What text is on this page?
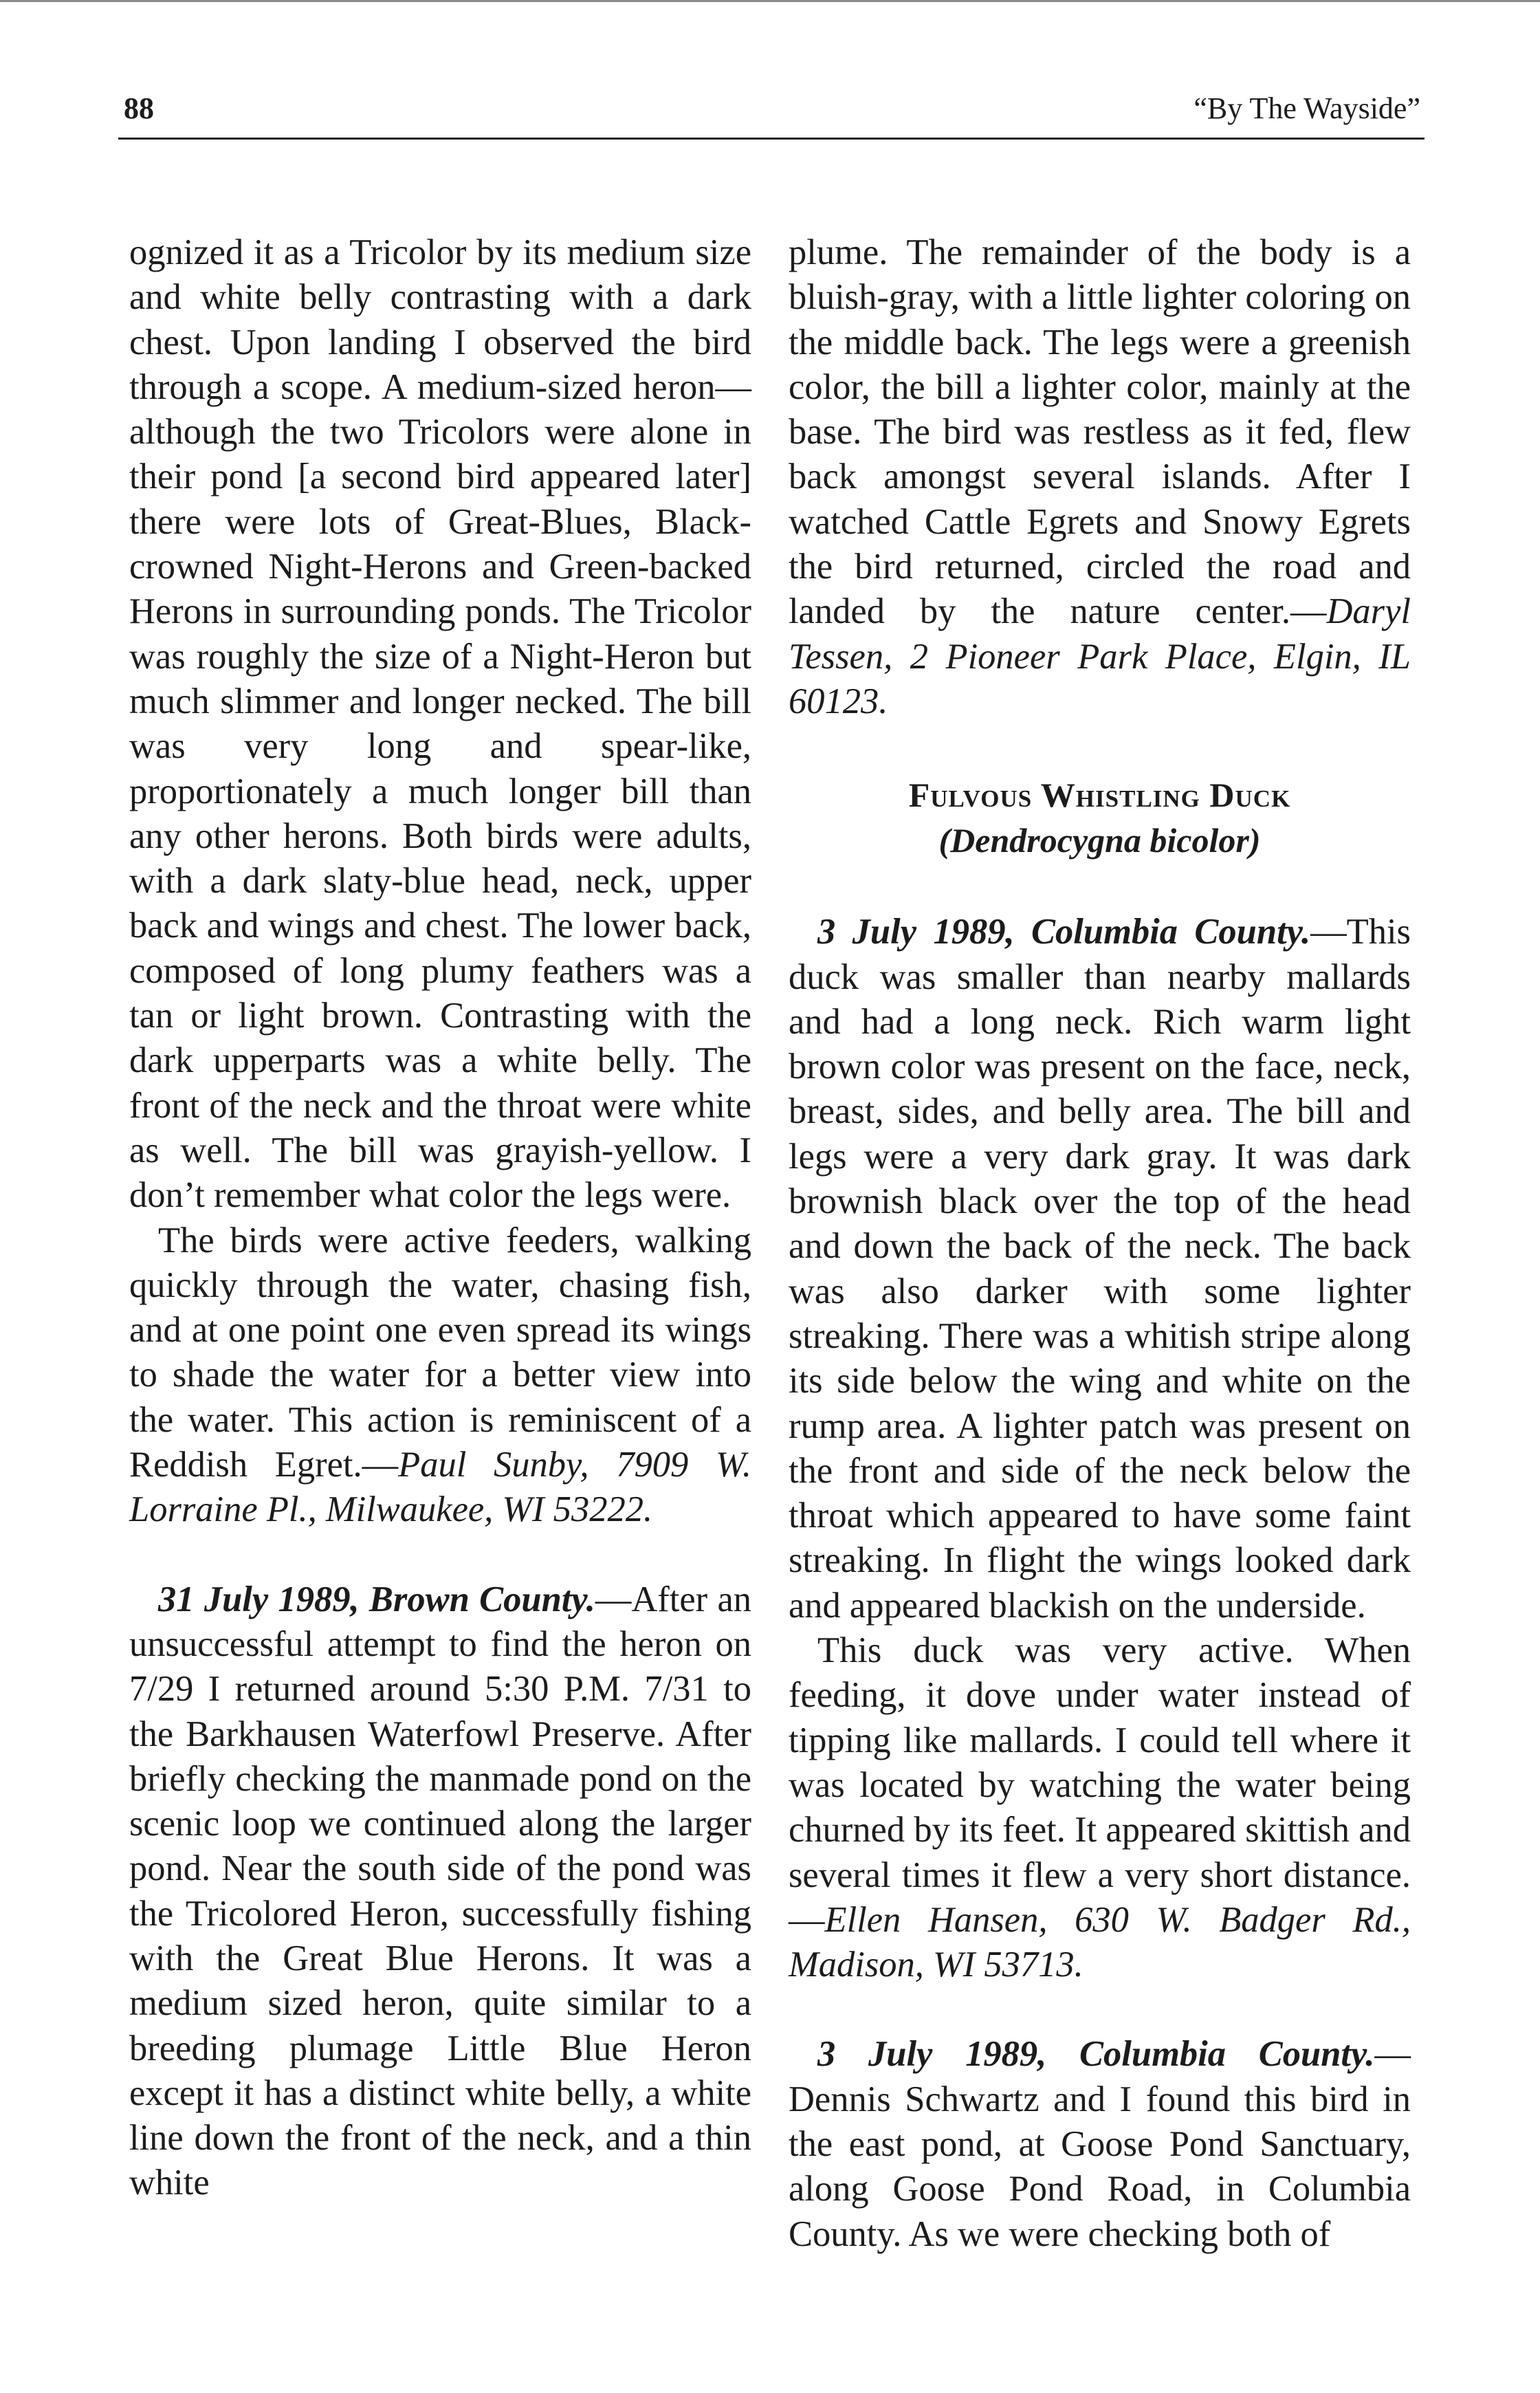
88	“By The Wayside”

ognized it as a Tricolor by its medium size and white belly contrasting with a dark chest. Upon landing I observed the bird through a scope. A medium-sized heron—although the two Tricolors were alone in their pond [a second bird appeared later] there were lots of Great-Blues, Black-crowned Night-Herons and Green-backed Herons in surrounding ponds. The Tricolor was roughly the size of a Night-Heron but much slimmer and longer necked. The bill was very long and spear-like, proportionately a much longer bill than any other herons. Both birds were adults, with a dark slaty-blue head, neck, upper back and wings and chest. The lower back, composed of long plumy feathers was a tan or light brown. Contrasting with the dark upperparts was a white belly. The front of the neck and the throat were white as well. The bill was grayish-yellow. I don’t remember what color the legs were.

The birds were active feeders, walking quickly through the water, chasing fish, and at one point one even spread its wings to shade the water for a better view into the water. This action is reminiscent of a Reddish Egret.—Paul Sunby, 7909 W. Lorraine Pl., Milwaukee, WI 53222.

31 July 1989, Brown County.—After an unsuccessful attempt to find the heron on 7/29 I returned around 5:30 P.M. 7/31 to the Barkhausen Waterfowl Preserve. After briefly checking the manmade pond on the scenic loop we continued along the larger pond. Near the south side of the pond was the Tricolored Heron, successfully fishing with the Great Blue Herons. It was a medium sized heron, quite similar to a breeding plumage Little Blue Heron except it has a distinct white belly, a white line down the front of the neck, and a thin white

plume. The remainder of the body is a bluish-gray, with a little lighter coloring on the middle back. The legs were a greenish color, the bill a lighter color, mainly at the base. The bird was restless as it fed, flew back amongst several islands. After I watched Cattle Egrets and Snowy Egrets the bird returned, circled the road and landed by the nature center.—Daryl Tessen, 2 Pioneer Park Place, Elgin, IL 60123.

Fulvous Whistling Duck
(Dendrocygna bicolor)

3 July 1989, Columbia County.—This duck was smaller than nearby mallards and had a long neck. Rich warm light brown color was present on the face, neck, breast, sides, and belly area. The bill and legs were a very dark gray. It was dark brownish black over the top of the head and down the back of the neck. The back was also darker with some lighter streaking. There was a whitish stripe along its side below the wing and white on the rump area. A lighter patch was present on the front and side of the neck below the throat which appeared to have some faint streaking. In flight the wings looked dark and appeared blackish on the underside.

This duck was very active. When feeding, it dove under water instead of tipping like mallards. I could tell where it was located by watching the water being churned by its feet. It appeared skittish and several times it flew a very short distance.—Ellen Hansen, 630 W. Badger Rd., Madison, WI 53713.

3 July 1989, Columbia County.—Dennis Schwartz and I found this bird in the east pond, at Goose Pond Sanctuary, along Goose Pond Road, in Columbia County. As we were checking both of
